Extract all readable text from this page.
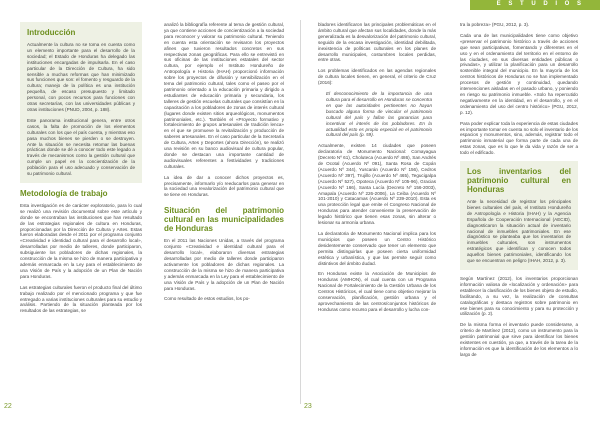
E S T U D I O S
22	23
Introducción

Actualmente la cultura no se toma en cuenta como un elemento importante para el desarrollo de la sociedad; el Estado de Honduras ha delegado las instituciones encargadas de impulsarla. En el caso particular de la Dirección de Cultura, ha sido sensible a muchas reformas que han minimizado sus funciones que son: el fomento y resguardo de la cultura; manejo de la política es una institución pequeña, de escaso presupuesto y limitado personal, con pocos recursos para funciones con otras secretarías, con las universidades públicas y otras instituciones (PNUD, 2004, p. 188).

Este panorama institucional genera, entre otros casos, la falta de promoción de los elementos culturales con los que el país cuenta, y mientras eso pasa muchos bienes se pierden o se destruyen. Ante la situación se necesita retomar las buenas prácticas donde se dé a conocer todo este legado a través de mecanismos como la gestión cultural que cumple un papel en la concientización de la población para el uso adecuado y conservación de su patrimonio cultural.

Metodología de trabajo

Esta investigación es de carácter exploratorio, para lo cual se realizó una revisión documental sobre este artículo y donde se encontraban las instituciones que han resultado de las estrategias regionales de cultura en Honduras, proporcionadas por la Dirección de Cultura y Artes. Estas fueron elaboradas desde el 2011 por el programa conjunto «Creatividad e identidad cultural para el desarrollo local», desarrolladas por medio de talleres, donde participaron, subsiguiente los pobladores de dichas regionales, la construcción de la misma se hizo de manera participativa y además enmarcada en la Ley para el establecimiento de una Visión de País y la adopción de un Plan de Nación para Honduras.

Las estrategias culturales fueron el producto final del último trabajo realizado por el mencionado programa y que fue entregado a varias instituciones culturales para su estudio y análisis. Partiendo de la situación planteada por los resultados de las estrategias, se

analizó la bibliografía referente al tema de gestión cultural, ya que contiene acciones de concientización a la sociedad para reconocer y valorar su patrimonio cultural. Teniendo en cuenta esta orientación se revisaron los proyectos afines que tuvieron resultados concretos en sus respectivas zonas geográficas. Para ello se entrevistó en sus oficinas de las instituciones estatales del sector cultura, por ejemplo el Instituto Hondureño de Antropología e Historia (IHAH) proporcionó información sobre los proyectos de difusión y sensibilización en el tema del patrimonio cultural, tales como el paseo por el patrimonio orientado a la educación primaria y dirigido a estudiantes de educación primaria y secundaria, los talleres de gestión escuelas culturales que consistían en la capacitación a los pobladores de zonas de interés cultural (lugares donde existen sitios arqueológicos, monumentos patrimoniales, etc.). También el «Proyecto formativo y fortalecimiento de grupos artesanales de tradición lenca» en el que se promueve la revitalización y producción de saberes artesanales. En el caso particular de la Secretaría de Cultura, Artes y Deportes (ahora Dirección), se realizó una revisión en su banco audiovisual de cultura popular, donde se destacan una importante cantidad de audiovisuales referentes a festividades y tradiciones culturales.

La idea de dar a conocer dichos proyectos es, precisamente, informarlo y/o reeducarlos para generar en la sociedad una revalorización del patrimonio cultural que se tiene en Honduras.

Situación del patrimonio cultural en las municipalidades de Honduras

En el 2011 las Naciones Unidas, a través del programa conjunto «Creatividad e identidad cultural para el desarrollo local», elaboraron diversas estrategias desarrolladas por medio de talleres donde participaron activamente los pobladores de dichas regionales. La construcción de la misma se hizo de manera participativa y además enmarcada en la Ley para el establecimiento de una Visión de País y la adopción de un Plan de Nación para Honduras.

Como resultado de estos estudios, los po-

bladores identificaron las principales problemáticas en el ámbito cultural que afectan sus localidades, donde la más generalizada es la desvalorización del patrimonio cultural, seguido de la escasa investigación, identidad debilitada, inexistencia de políticas culturales en los planes de desarrollo municipales, costumbres locales perdidas, entre otras.

Los problemas identificados en las agendas regionales de cultura locales tienen, en general, el criterio de Cruz (2016):

El desconocimiento de la importancia de una cultura para el desarrollo en Honduras se concentra en que las autoridades pertinentes no hayan buscado alguna forma de vincular el patrimonio cultural del país y fallan las ganancias para incentivar el interés de los pobladores. En la actualidad esto es propio especial en el patrimonio cultural del país (p. 59).

Actualmente, existen 14 ciudades que poseen declaratoria de Monumento Nacional: Comayagua (Decreto Nº 61), Choluteca (Acuerdo Nº 486), San Andrés de Ocotal (Acuerdo Nº 091), Santa Rosa de Copán (Acuerdo Nº 344), Yuscarán (Acuerdo Nº 156), Cedros (Acuerdo Nº 397), Trujillo (Acuerdo Nº 465), Tegucigalpa (Acuerdo Nº 527), Opoteca (Acuerdo Nº 105-96), Gracias (Acuerdo Nº 166), Santa Lucía (Decreto Nº 156-2003), Amapala (Acuerdo Nº 226-2006), La Ceiba (Acuerdo Nº 101-2010) y Catacamas (Acuerdo Nº 239-2010). Esta es una protección legal que emite el Congreso Nacional de Honduras para atender conveniente la preservación de legado histórico que tienen esas zonas, sin alterar o lesionar su armonía urbana.

La declaratoria de Monumento Nacional implica para los municipios que poseen un Centro Histórico desidentemente conservado que tener un elemento que permita distinguirlas que poseen cierta uniformidad estética y urbanística, y que las permite seguir como distintivos del ámbito dudad.

En Honduras existe la Asociación de Municipios de Honduras (AMHON), el cual cuenta con un Programa Nacional de Fortalecimiento de la Gestión Urbana de los Centros Históricos, el cual tiene como objetivo mejorar la conservación, planificación, gestión urbana y el aprovechamiento de las centros/conjuntos históricos de Honduras como recurso para el desarrollo y lucha con-

tra la pobreza» (PGU, 2012, p. 3).

Cada una de las municipalidades tiene como objetivo «preservar el patrimonio histórico a través de acciones que sean participativas, fomentando y diferentes en el uso y en el ordenamiento del territorio en el entorno de las ciudades, en sus diversas entidades públicas o privadas», y utilizar la planificación para un desarrollo sostenible integral del municipio. En la mayoría de los centros históricos de Honduras no se han implementado procesos de gestión y continuidad, quedando intervenciones aisladas en el pasado urbano, y poniendo en riesgo su patrimonio inmueble. «Solo ha repercutido negativamente en la identidad, en el desarrollo, y en el ordenamiento del uso del centro histórico» (PGU, 2012, p. 12).

Para poder explicar toda la experiencia de estas ciudades es importante tomar en cuenta no solo el inventario de los espacios y monumentos, sino, además, registrar todo el patrimonio inmaterial que forma parte de cada una de estas zonas, que es lo que le da vida y razón de ser a todo el edificado.

Los inventarios del patrimonio cultural en Honduras

Ante la necesidad de registrar los principales bienes culturales del país, el Instituto Hondureño de Antropología e Historia (IHAH) y la Agencia Española de Cooperación Internacional (AECID), diagnosticaron la situación actual de inventario nacional de inmuebles patrimoniales. En ese diagnóstico se planteaba que los inventarios de inmuebles culturales, son instrumentos estratégicos que identifican y conocen todos aquellos bienes patrimoniales, identificando los que se encuentran en peligro (IHAH, 2012, p. 3).

Según Martínez (2012), los inventarios proporcionan información valiosa de «localización y ordenación» para establecer la clasificación de los bienes objeto de estudio, facilitando, a su vez, la realización de consultas catalográficas y destaca registros sobre patrimonio en ese bienes para su conocimiento y para su protección y utilización (p. 2).

De la misma forma el inventario puede considerarse, a criterio de Martínez (2012), como un instrumento para la gestión patrimonial que sirve para identificar los bienes existentes en cuestión, ya que, a través de la tarea de la información es que la identificación de los elementos a lo largo de
